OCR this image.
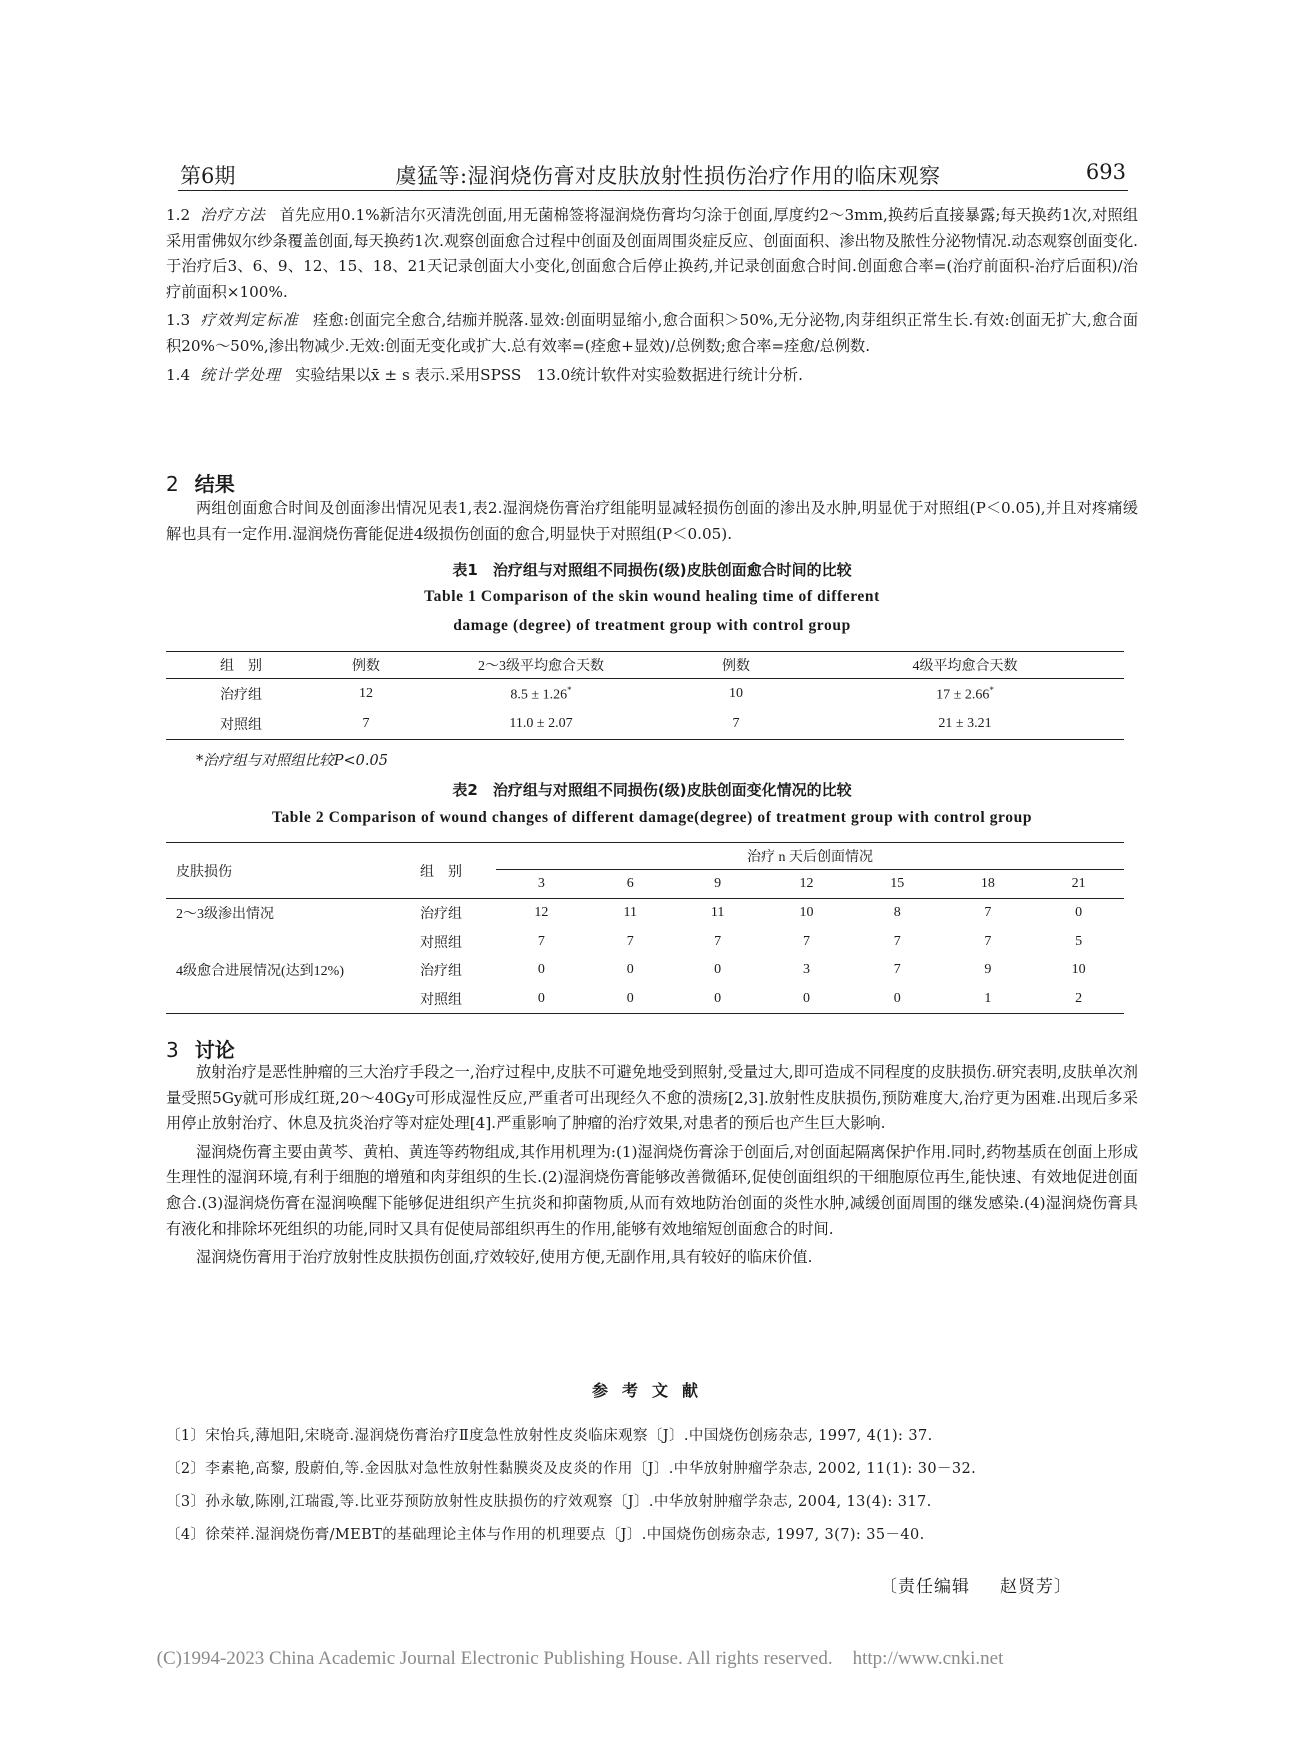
第6期	虞猛等:湿润烧伤膏对皮肤放射性损伤治疗作用的临床观察	693

1.2 治疗方法 首先应用0.1%新洁尔灭清洗创面,用无菌棉签将湿润烧伤膏均匀涂于创面,厚度约2～3mm,换药后直接暴露;每天换药1次,对照组采用雷佛奴尔纱条覆盖创面,每天换药1次.观察创面愈合过程中创面及创面周围炎症反应、创面面积、渗出物及脓性分泌物情况.动态观察创面变化.于治疗后3、6、9、12、15、18、21天记录创面大小变化,创面愈合后停止换药,并记录创面愈合时间.创面愈合率=(治疗前面积-治疗后面积)/治疗前面积×100%.

1.3 疗效判定标准 痊愈:创面完全愈合,结痂并脱落.显效:创面明显缩小,愈合面积＞50%,无分泌物,肉芽组织正常生长.有效:创面无扩大,愈合面积20%～50%,渗出物减少.无效:创面无变化或扩大.总有效率=(痊愈+显效)/总例数;愈合率=痊愈/总例数.

1.4 统计学处理 实验结果以x̄ ± s 表示.采用SPSS　13.0统计软件对实验数据进行统计分析.

2 结果
两组创面愈合时间及创面渗出情况见表1,表2.湿润烧伤膏治疗组能明显减轻损伤创面的渗出及水肿,明显优于对照组(P＜0.05),并且对疼痛缓解也具有一定作用.湿润烧伤膏能促进4级损伤创面的愈合,明显快于对照组(P＜0.05).
表1　治疗组与对照组不同损伤(级)皮肤创面愈合时间的比较
Table 1 Comparison of the skin wound healing time of different
damage (degree) of treatment group with control group
组　别	例数	2～3级平均愈合天数	例数	4级平均愈合天数
治疗组	12	8.5 ± 1.26*	10	17 ± 2.66*
对照组	7	11.0 ± 2.07	7	21 ± 3.21
*治疗组与对照组比较P<0.05
表2　治疗组与对照组不同损伤(级)皮肤创面变化情况的比较
Table 2 Comparison of wound changes of different damage(degree) of treatment group with control group
皮肤损伤	组　别	治疗 n 天后创面情况						
		3	6	9	12	15	18	21
2～3级渗出情况	治疗组	12	11	11	10	8	7	0
	对照组	7	7	7	7	7	7	5
4级愈合进展情况(达到12%)	治疗组	0	0	0	3	7	9	10
	对照组	0	0	0	0	0	1	2
3 讨论

放射治疗是恶性肿瘤的三大治疗手段之一,治疗过程中,皮肤不可避免地受到照射,受量过大,即可造成不同程度的皮肤损伤.研究表明,皮肤单次剂量受照5Gy就可形成红斑,20～40Gy可形成湿性反应,严重者可出现经久不愈的溃疡[2,3].放射性皮肤损伤,预防难度大,治疗更为困难.出现后多采用停止放射治疗、休息及抗炎治疗等对症处理[4].严重影响了肿瘤的治疗效果,对患者的预后也产生巨大影响.

湿润烧伤膏主要由黄芩、黄柏、黄连等药物组成,其作用机理为:(1)湿润烧伤膏涂于创面后,对创面起隔离保护作用.同时,药物基质在创面上形成生理性的湿润环境,有利于细胞的增殖和肉芽组织的生长.(2)湿润烧伤膏能够改善微循环,促使创面组织的干细胞原位再生,能快速、有效地促进创面愈合.(3)湿润烧伤膏在湿润唤醒下能够促进组织产生抗炎和抑菌物质,从而有效地防治创面的炎性水肿,减缓创面周围的继发感染.(4)湿润烧伤膏具有液化和排除坏死组织的功能,同时又具有促使局部组织再生的作用,能够有效地缩短创面愈合的时间.

湿润烧伤膏用于治疗放射性皮肤损伤创面,疗效较好,使用方便,无副作用,具有较好的临床价值.

参考文献
〔1〕宋怡兵,薄旭阳,宋晓奇.湿润烧伤膏治疗Ⅱ度急性放射性皮炎临床观察〔J〕.中国烧伤创疡杂志, 1997, 4(1): 37.
〔2〕李素艳,高黎, 殷蔚伯,等.金因肽对急性放射性黏膜炎及皮炎的作用〔J〕.中华放射肿瘤学杂志, 2002, 11(1): 30－32.
〔3〕孙永敏,陈刚,江瑞霞,等.比亚芬预防放射性皮肤损伤的疗效观察〔J〕.中华放射肿瘤学杂志, 2004, 13(4): 317.
〔4〕徐荣祥.湿润烧伤膏/MEBT的基础理论主体与作用的机理要点〔J〕.中国烧伤创疡杂志, 1997, 3(7): 35－40.
〔责任编辑 赵贤芳〕
(C)1994-2023 China Academic Journal Electronic Publishing House. All rights reserved. http://www.cnki.net
